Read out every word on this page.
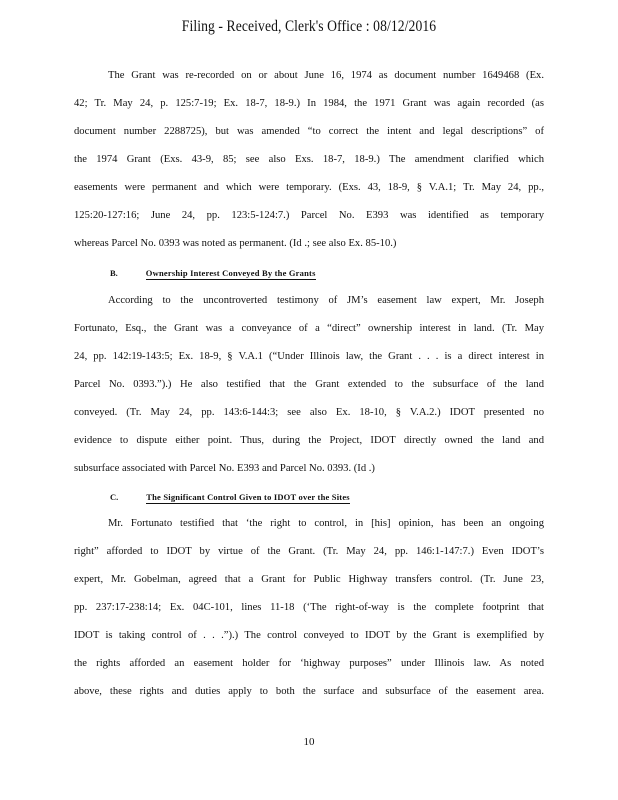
Filing - Received, Clerk's Office : 08/12/2016
The Grant was re-recorded on or about June 16, 1974 as document number 1649468 (Ex.
42; Tr. May 24, p. 125:7-19; Ex. 18-7, 18-9.) In 1984, the 1971 Grant was again recorded (as
document number 2288725), but was amended “to correct the intent and legal descriptions” of
the 1974 Grant (Exs. 43-9, 85; see also Exs. 18-7, 18-9.) The amendment clarified which
easements were permanent and which were temporary. (Exs. 43, 18-9, § V.A.1; Tr. May 24, pp.,
125:20-127:16; June 24, pp. 123:5-124:7.) Parcel No. E393 was identified as temporary
whereas Parcel No. 0393 was noted as permanent. (Id .; see also Ex. 85-10.)
B.	Ownership Interest Conveyed By the Grants
According to the uncontroverted testimony of JM’s easement law expert, Mr. Joseph
Fortunato, Esq., the Grant was a conveyance of a “direct” ownership interest in land. (Tr. May
24, pp. 142:19-143:5; Ex. 18-9, § V.A.1 (“Under Illinois law, the Grant . . . is a direct interest in
Parcel No. 0393.”).) He also testified that the Grant extended to the subsurface of the land
conveyed. (Tr. May 24, pp. 143:6-144:3; see also Ex. 18-10, § V.A.2.) IDOT presented no
evidence to dispute either point. Thus, during the Project, IDOT directly owned the land and
subsurface associated with Parcel No. E393 and Parcel No. 0393. (Id .)
C.	The Significant Control Given to IDOT over the Sites
Mr. Fortunato testified that ‘the right to control, in [his] opinion, has been an ongoing
right” afforded to IDOT by virtue of the Grant. (Tr. May 24, pp. 146:1-147:7.) Even IDOT’s
expert, Mr. Gobelman, agreed that a Grant for Public Highway transfers control. (Tr. June 23,
pp. 237:17-238:14; Ex. 04C-101, lines 11-18 (‘The right-of-way is the complete footprint that
IDOT is taking control of . . .”).) The control conveyed to IDOT by the Grant is exemplified by
the rights afforded an easement holder for ‘highway purposes” under Illinois law. As noted
above, these rights and duties apply to both the surface and subsurface of the easement area.
10
